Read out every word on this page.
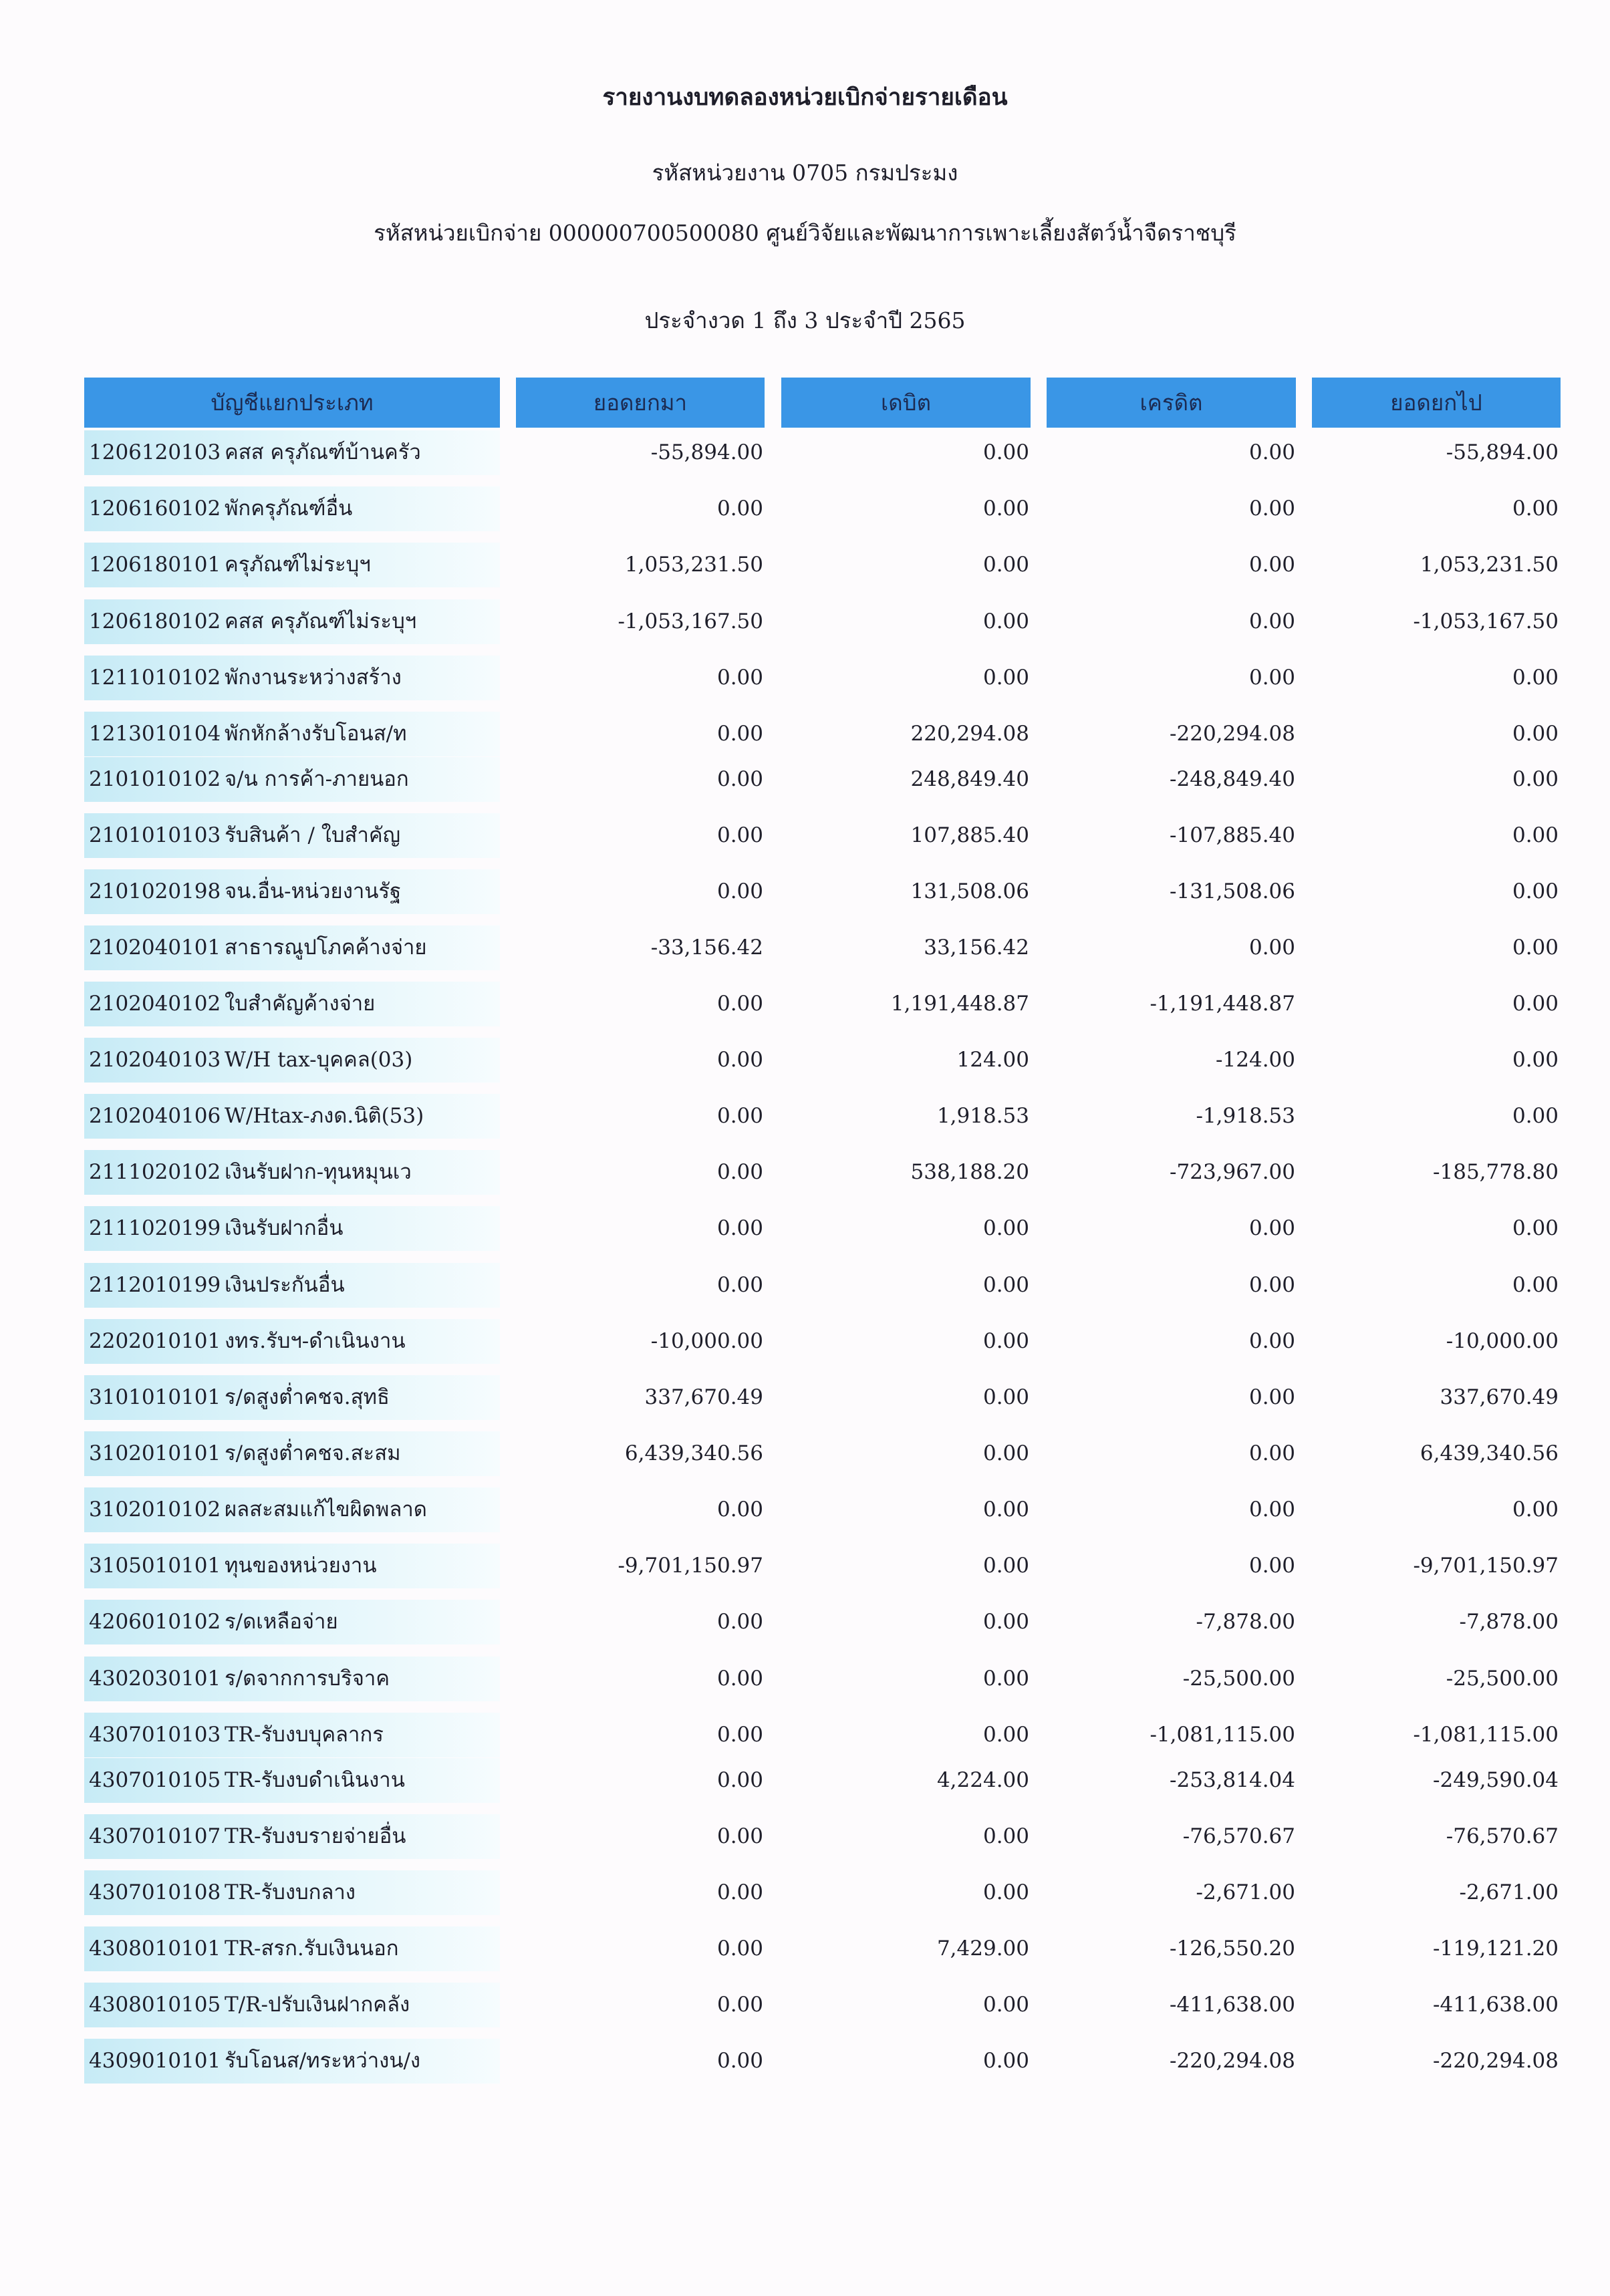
รายงานงบทดลองหน่วยเบิกจ่ายรายเดือน
รหัสหน่วยงาน 0705 กรมประมง
รหัสหน่วยเบิกจ่าย 000000700500080 ศูนย์วิจัยและพัฒนาการเพาะเลี้ยงสัตว์น้ำจืดราชบุรี
ประจำงวด 1 ถึง 3 ประจำปี 2565
บัญชีแยกประเภท	ยอดยกมา	เดบิต	เครดิต	ยอดยกไป
1206120103 คสส ครุภัณฑ์บ้านครัว	-55,894.00	0.00	0.00	-55,894.00
1206160102 พักครุภัณฑ์อื่น	0.00	0.00	0.00	0.00
1206180101 ครุภัณฑ์ไม่ระบุฯ	1,053,231.50	0.00	0.00	1,053,231.50
1206180102 คสส ครุภัณฑ์ไม่ระบุฯ	-1,053,167.50	0.00	0.00	-1,053,167.50
1211010102 พักงานระหว่างสร้าง	0.00	0.00	0.00	0.00
1213010104 พักหักล้างรับโอนส/ท	0.00	220,294.08	-220,294.08	0.00
2101010102 จ/น การค้า-ภายนอก	0.00	248,849.40	-248,849.40	0.00
2101010103 รับสินค้า / ใบสำคัญ	0.00	107,885.40	-107,885.40	0.00
2101020198 จน.อื่น-หน่วยงานรัฐ	0.00	131,508.06	-131,508.06	0.00
2102040101 สาธารณูปโภคค้างจ่าย	-33,156.42	33,156.42	0.00	0.00
2102040102 ใบสำคัญค้างจ่าย	0.00	1,191,448.87	-1,191,448.87	0.00
2102040103 W/H tax-บุคคล(03)	0.00	124.00	-124.00	0.00
2102040106 W/Htax-ภงด.นิติ(53)	0.00	1,918.53	-1,918.53	0.00
2111020102 เงินรับฝาก-ทุนหมุนเว	0.00	538,188.20	-723,967.00	-185,778.80
2111020199 เงินรับฝากอื่น	0.00	0.00	0.00	0.00
2112010199 เงินประกันอื่น	0.00	0.00	0.00	0.00
2202010101 งทร.รับฯ-ดำเนินงาน	-10,000.00	0.00	0.00	-10,000.00
3101010101 ร/ดสูงต่ำคชจ.สุทธิ	337,670.49	0.00	0.00	337,670.49
3102010101 ร/ดสูงต่ำคชจ.สะสม	6,439,340.56	0.00	0.00	6,439,340.56
3102010102 ผลสะสมแก้ไขผิดพลาด	0.00	0.00	0.00	0.00
3105010101 ทุนของหน่วยงาน	-9,701,150.97	0.00	0.00	-9,701,150.97
4206010102 ร/ดเหลือจ่าย	0.00	0.00	-7,878.00	-7,878.00
4302030101 ร/ดจากการบริจาค	0.00	0.00	-25,500.00	-25,500.00
4307010103 TR-รับงบบุคลากร	0.00	0.00	-1,081,115.00	-1,081,115.00
4307010105 TR-รับงบดำเนินงาน	0.00	4,224.00	-253,814.04	-249,590.04
4307010107 TR-รับงบรายจ่ายอื่น	0.00	0.00	-76,570.67	-76,570.67
4307010108 TR-รับงบกลาง	0.00	0.00	-2,671.00	-2,671.00
4308010101 TR-สรก.รับเงินนอก	0.00	7,429.00	-126,550.20	-119,121.20
4308010105 T/R-ปรับเงินฝากคลัง	0.00	0.00	-411,638.00	-411,638.00
4309010101 รับโอนส/ทระหว่างน/ง	0.00	0.00	-220,294.08	-220,294.08
